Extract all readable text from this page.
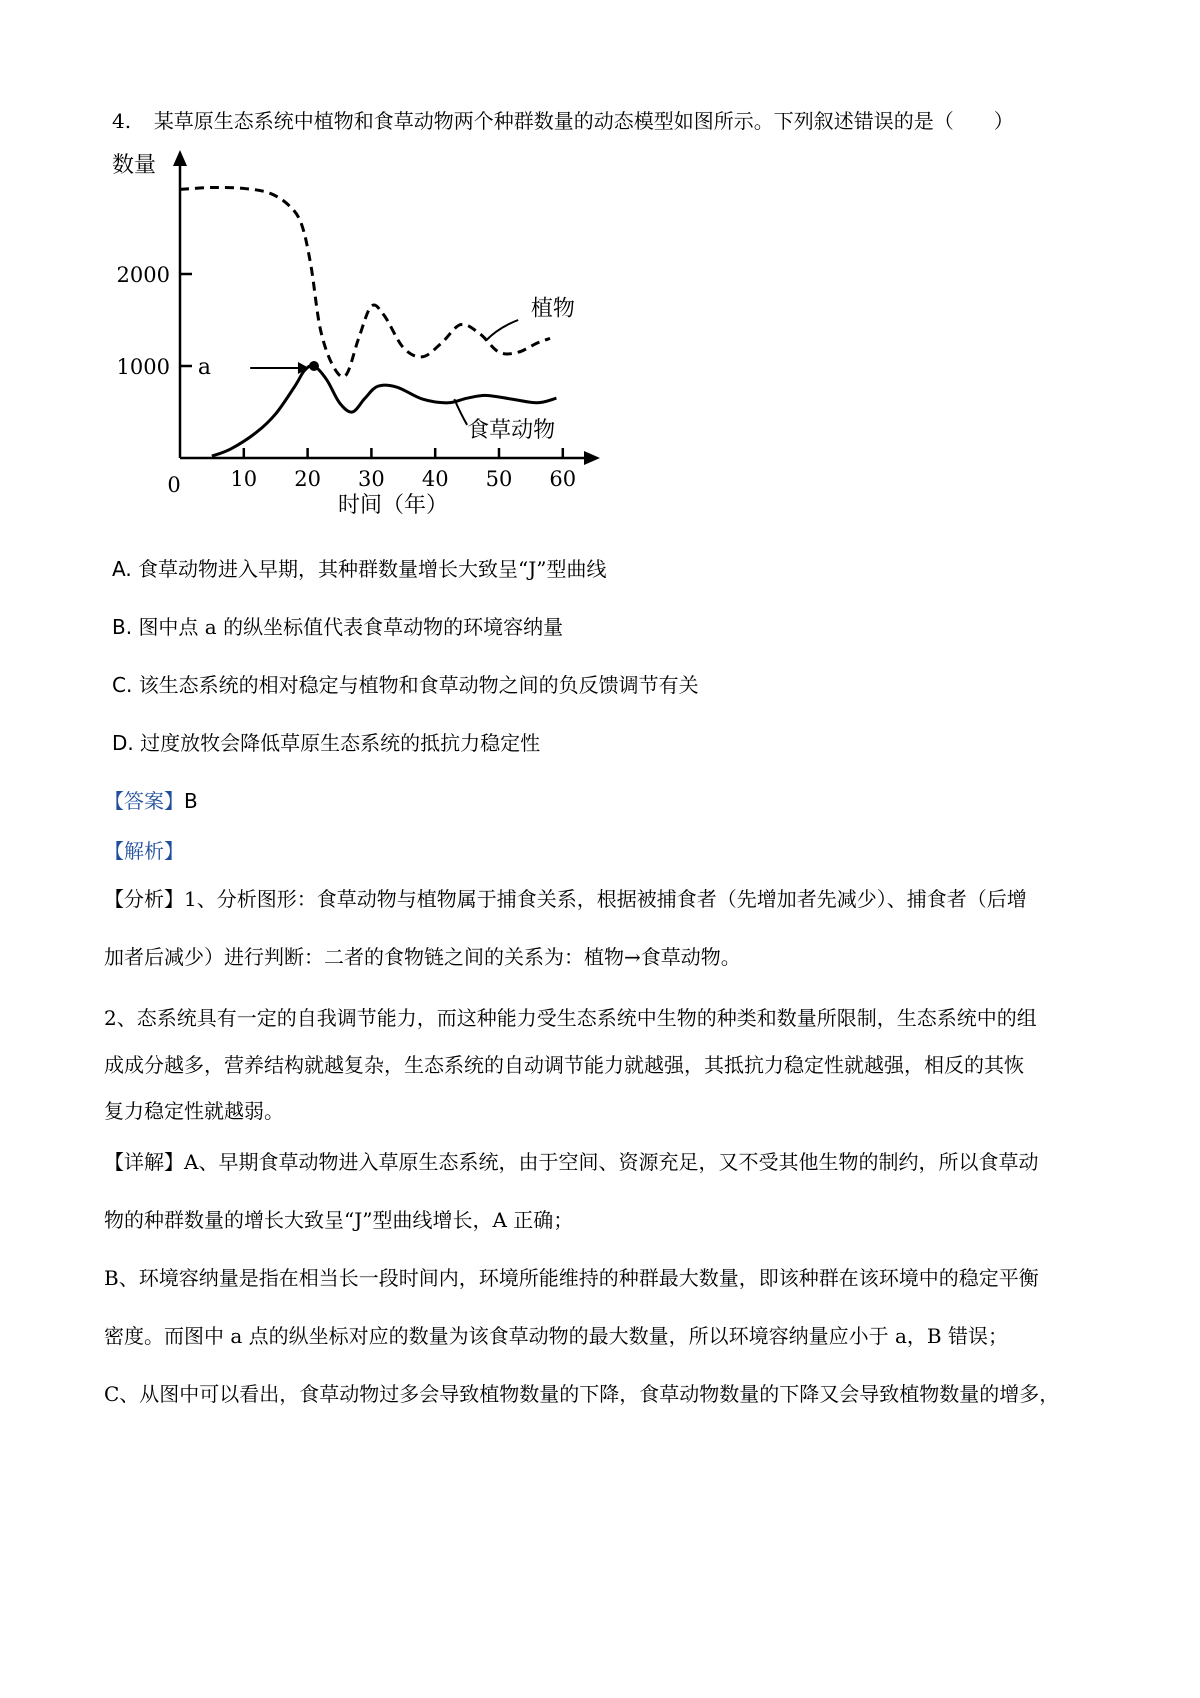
4. 某草原生态系统中植物和食草动物两个种群数量的动态模型如图所示。下列叙述错误的是（　　）
1000
2000
0 10 20 30 40 50 60
数量
时间（年）
植物
食草动物
a
A. 食草动物进入早期，其种群数量增长大致呈“J”型曲线
B. 图中点 a 的纵坐标值代表食草动物的环境容纳量
C. 该生态系统的相对稳定与植物和食草动物之间的负反馈调节有关
D. 过度放牧会降低草原生态系统的抵抗力稳定性
【答案】B
【解析】
【分析】1、分析图形：食草动物与植物属于捕食关系，根据被捕食者（先增加者先减少）、捕食者（后增
加者后减少）进行判断：二者的食物链之间的关系为：植物→食草动物。
2、态系统具有一定的自我调节能力，而这种能力受生态系统中生物的种类和数量所限制，生态系统中的组
成成分越多，营养结构就越复杂，生态系统的自动调节能力就越强，其抵抗力稳定性就越强，相反的其恢
复力稳定性就越弱。
【详解】A、早期食草动物进入草原生态系统，由于空间、资源充足，又不受其他生物的制约，所以食草动
物的种群数量的增长大致呈“J”型曲线增长，A 正确；
B、环境容纳量是指在相当长一段时间内，环境所能维持的种群最大数量，即该种群在该环境中的稳定平衡
密度。而图中 a 点的纵坐标对应的数量为该食草动物的最大数量，所以环境容纳量应小于 a，B 错误；
C、从图中可以看出，食草动物过多会导致植物数量的下降，食草动物数量的下降又会导致植物数量的增多，
